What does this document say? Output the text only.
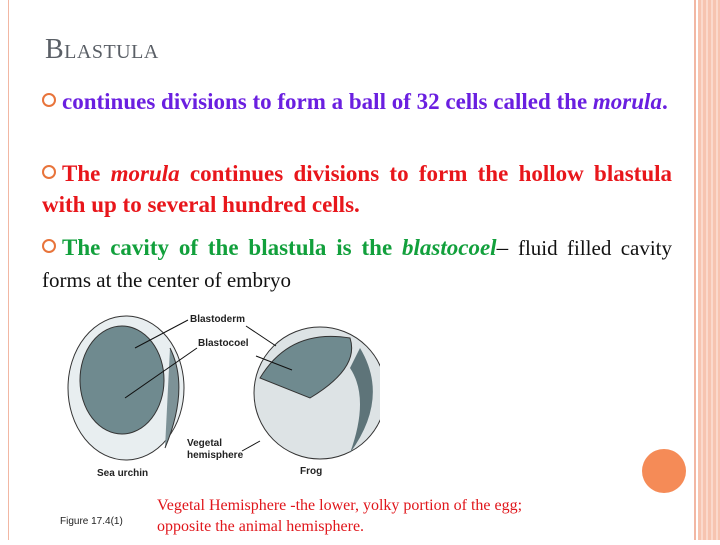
Blastula
continues divisions to form a ball of 32 cells called the morula.
The morula continues divisions to form the hollow blastula with up to several hundred cells.
The cavity of the blastula is the blastocoel– fluid filled cavity forms at the center of embryo
Blastoderm
Blastocoel
Vegetal
hemisphere
Sea urchin	Frog
Figure 17.4(1)
Vegetal Hemisphere -the lower, yolky portion of the egg;
opposite the animal hemisphere.
